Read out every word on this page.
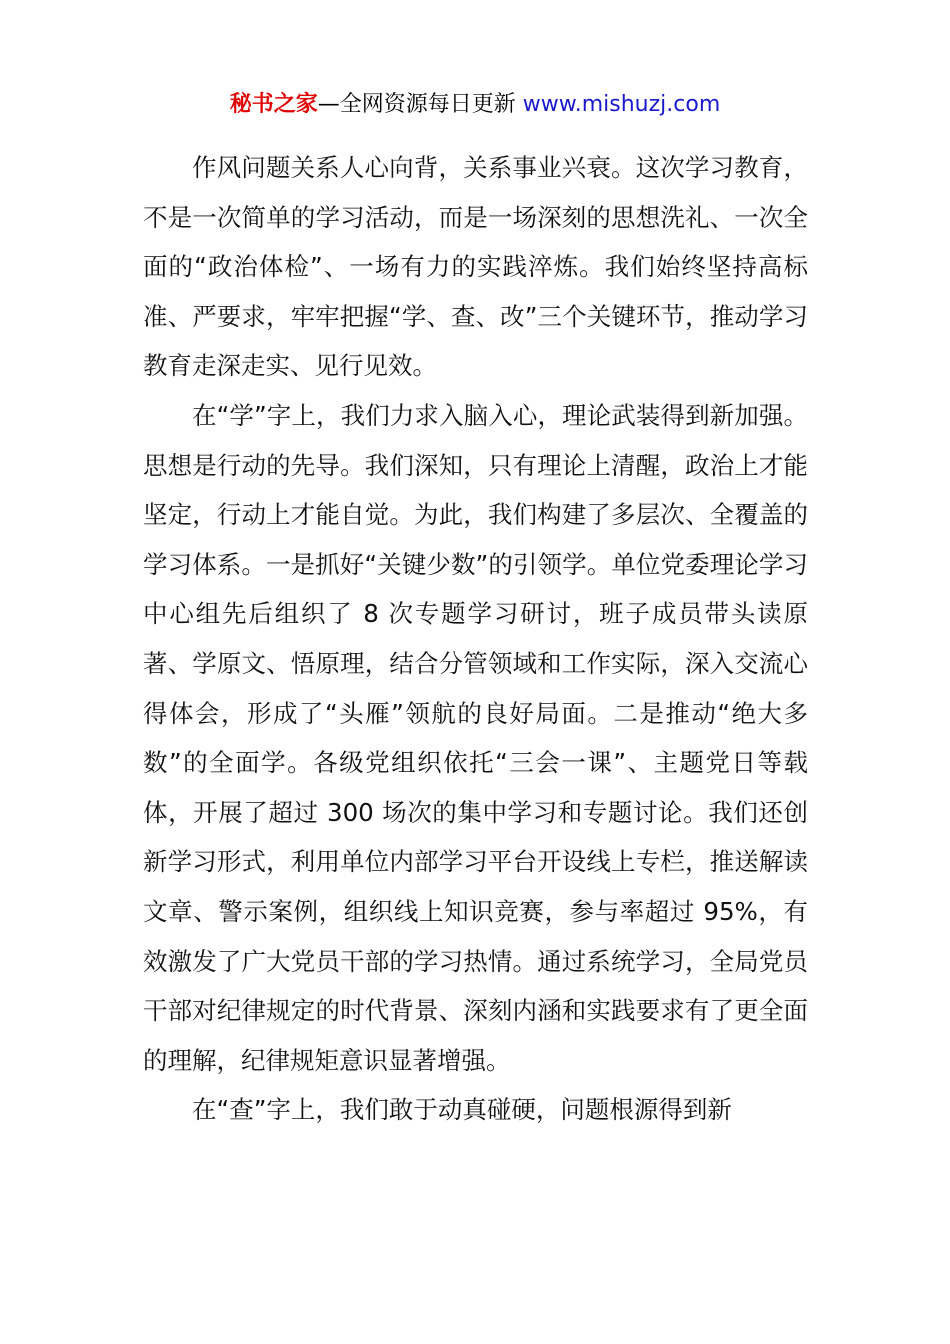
秘书之家—全网资源每日更新 www.mishuzj.com

作风问题关系人心向背，关系事业兴衰。这次学习教育，不是一次简单的学习活动，而是一场深刻的思想洗礼、一次全面的“政治体检”、一场有力的实践淬炼。我们始终坚持高标准、严要求，牢牢把握“学、查、改”三个关键环节，推动学习教育走深走实、见行见效。

在“学”字上，我们力求入脑入心，理论武装得到新加强。思想是行动的先导。我们深知，只有理论上清醒，政治上才能坚定，行动上才能自觉。为此，我们构建了多层次、全覆盖的学习体系。一是抓好“关键少数”的引领学。单位党委理论学习中心组先后组织了 8 次专题学习研讨，班子成员带头读原著、学原文、悟原理，结合分管领域和工作实际，深入交流心得体会，形成了“头雁”领航的良好局面。二是推动“绝大多数”的全面学。各级党组织依托“三会一课”、主题党日等载体，开展了超过 300 场次的集中学习和专题讨论。我们还创新学习形式，利用单位内部学习平台开设线上专栏，推送解读文章、警示案例，组织线上知识竞赛，参与率超过 95%，有效激发了广大党员干部的学习热情。通过系统学习，全局党员干部对纪律规定的时代背景、深刻内涵和实践要求有了更全面的理解，纪律规矩意识显著增强。

在“查”字上，我们敢于动真碰硬，问题根源得到新
